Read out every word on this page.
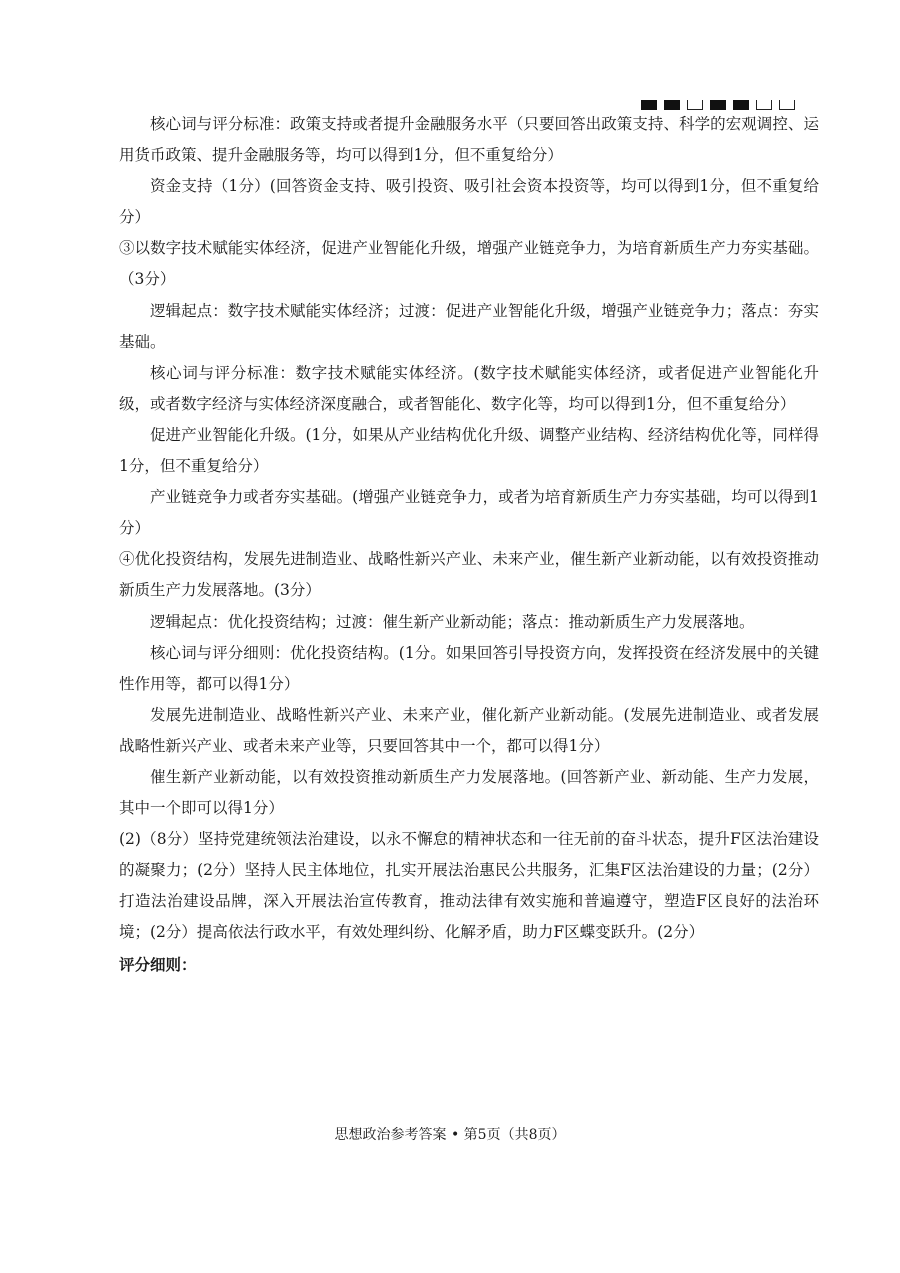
核心词与评分标准：政策支持或者提升金融服务水平（只要回答出政策支持、科学的宏观调控、运用货币政策、提升金融服务等，均可以得到1分，但不重复给分）

资金支持（1分）(回答资金支持、吸引投资、吸引社会资本投资等，均可以得到1分，但不重复给分）

③以数字技术赋能实体经济，促进产业智能化升级，增强产业链竞争力，为培育新质生产力夯实基础。（3分）

逻辑起点：数字技术赋能实体经济；过渡：促进产业智能化升级，增强产业链竞争力；落点：夯实基础。

核心词与评分标准：数字技术赋能实体经济。(数字技术赋能实体经济，或者促进产业智能化升级，或者数字经济与实体经济深度融合，或者智能化、数字化等，均可以得到1分，但不重复给分）

促进产业智能化升级。(1分，如果从产业结构优化升级、调整产业结构、经济结构优化等，同样得1分，但不重复给分）

产业链竞争力或者夯实基础。(增强产业链竞争力，或者为培育新质生产力夯实基础，均可以得到1分）

④优化投资结构，发展先进制造业、战略性新兴产业、未来产业，催生新产业新动能，以有效投资推动新质生产力发展落地。(3分）

逻辑起点：优化投资结构；过渡：催生新产业新动能；落点：推动新质生产力发展落地。

核心词与评分细则：优化投资结构。(1分。如果回答引导投资方向，发挥投资在经济发展中的关键性作用等，都可以得1分）

发展先进制造业、战略性新兴产业、未来产业，催化新产业新动能。(发展先进制造业、或者发展战略性新兴产业、或者未来产业等，只要回答其中一个，都可以得1分）

催生新产业新动能，以有效投资推动新质生产力发展落地。(回答新产业、新动能、生产力发展，其中一个即可以得1分）

(2)（8分）坚持党建统领法治建设，以永不懈怠的精神状态和一往无前的奋斗状态，提升F区法治建设的凝聚力；(2分）坚持人民主体地位，扎实开展法治惠民公共服务，汇集F区法治建设的力量；(2分）打造法治建设品牌，深入开展法治宣传教育，推动法律有效实施和普遍遵守，塑造F区良好的法治环境；(2分）提高依法行政水平，有效处理纠纷、化解矛盾，助力F区蝶变跃升。(2分）

评分细则：

思想政治参考答案 • 第5页（共8页）
